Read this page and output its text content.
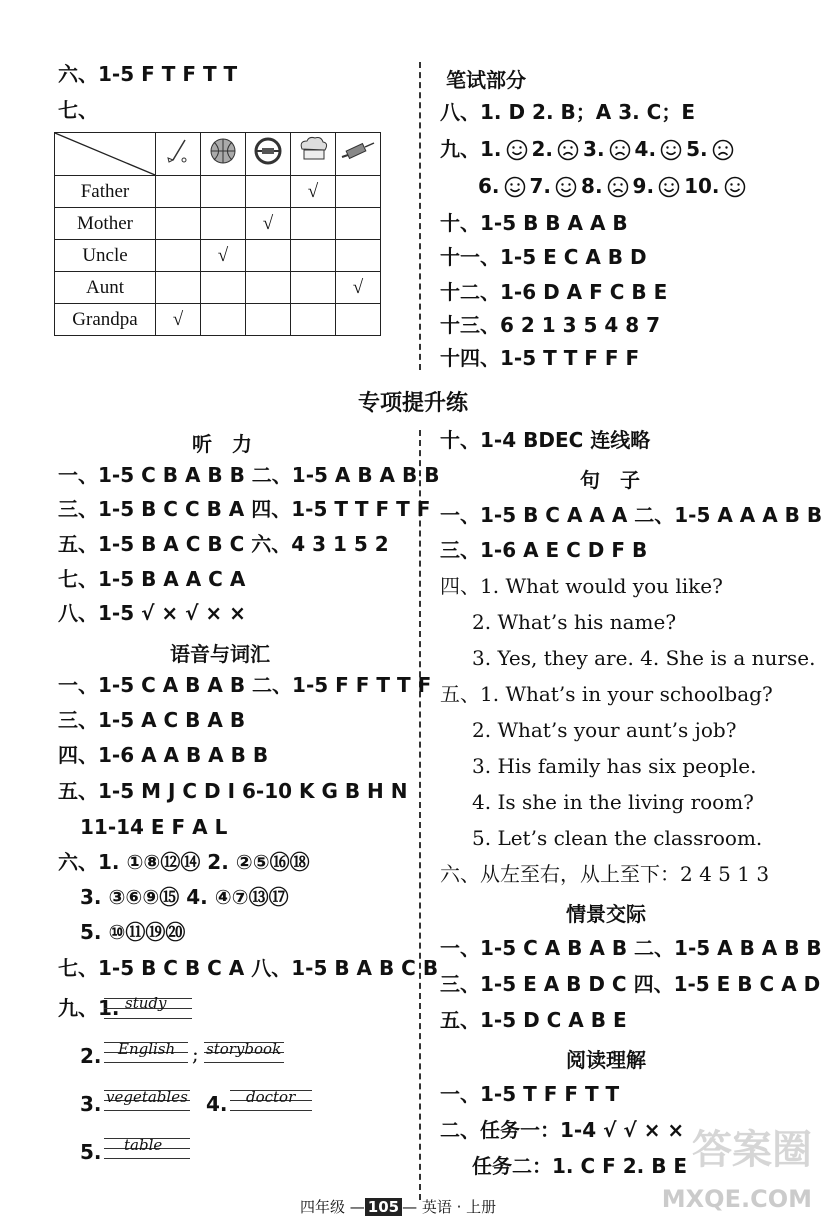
六、1-5 F T F T T
七、

Father				√	
Mother			√		
Uncle		√			
Aunt					√
Grandpa	√				
笔试部分
八、1. D 2. B；A 3. C；E
九、1. 2. 3. 4. 5.
6. 7. 8. 9. 10.
十、1-5 B B A A B
十一、1-5 E C A B D
十二、1-6 D A F C B E
十三、6 2 1 3 5 4 8 7
十四、1-5 T T F F F
专项提升练
听　力
一、1-5 C B A B B 二、1-5 A B A B B
三、1-5 B C C B A 四、1-5 T T F T F
五、1-5 B A C B C 六、4 3 1 5 2
七、1-5 B A A C A
八、1-5 √ × √ × ×
语音与词汇
一、1-5 C A B A B 二、1-5 F F T T F
三、1-5 A C B A B
四、1-6 A A B A B B
五、1-5 M J C D I 6-10 K G B H N
11-14 E F A L
六、1. ①⑧⑫⑭ 2. ②⑤⑯⑱
3. ③⑥⑨⑮ 4. ④⑦⑬⑰
5. ⑩⑪⑲⑳
七、1-5 B C B C A 八、1-5 B A B C B
九、1. study
2. English ; storybook
3. vegetables 4. doctor
5. table
十、1-4 BDEC 连线略
句　子
一、1-5 B C A A A 二、1-5 A A A B B
三、1-6 A E C D F B
四、1. What would you like?
2. What’s his name?
3. Yes, they are. 4. She is a nurse.
五、1. What’s in your schoolbag?
2. What’s your aunt’s job?
3. His family has six people.
4. Is she in the living room?
5. Let’s clean the classroom.
六、从左至右，从上至下：2 4 5 1 3
情景交际
一、1-5 C A B A B 二、1-5 A B A B B
三、1-5 E A B D C 四、1-5 E B C A D
五、1-5 D C A B E
阅读理解
一、1-5 T F F T T
二、任务一：1-4 √ √ × ×
任务二：1. C F 2. B E 答案圈
MXQE.COM
四年级 — 105 — 英语 · 上册
